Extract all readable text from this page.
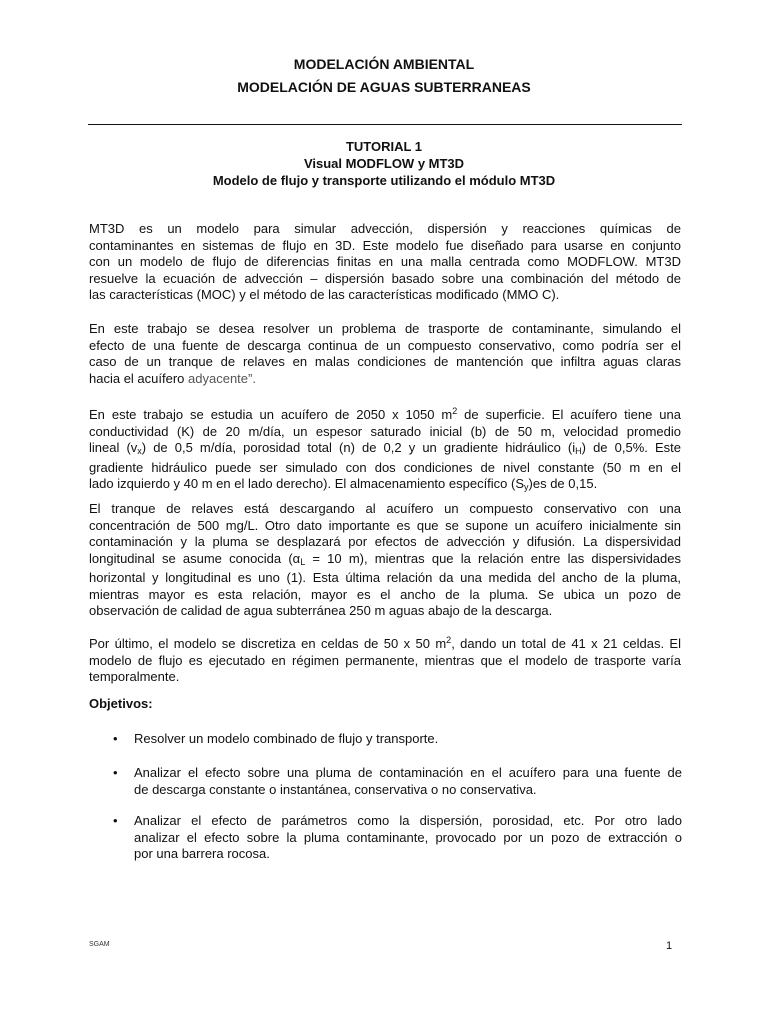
MODELACIÓN AMBIENTAL
MODELACIÓN DE AGUAS SUBTERRANEAS
TUTORIAL 1
Visual MODFLOW y MT3D
Modelo de flujo y transporte utilizando el módulo MT3D
MT3D es un modelo para simular advección, dispersión y reacciones químicas de
contaminantes en sistemas de flujo en 3D. Este modelo fue diseñado para usarse en conjunto
con un modelo de flujo de diferencias finitas en una malla centrada como MODFLOW. MT3D
resuelve la ecuación de advección – dispersión basado sobre una combinación del método de
las características (MOC) y el método de las características modificado (MMO C).
En este trabajo se desea resolver un problema de trasporte de contaminante, simulando el
efecto de una fuente de descarga continua de un compuesto conservativo, como podría ser el
caso de un tranque de relaves en malas condiciones de mantención que infiltra aguas claras
hacia el acuífero adyacente”.
En este trabajo se estudia un acuífero de 2050 x 1050 $m^2$ de superficie. El acuífero tiene una
conductividad (K) de 20 m/día, un espesor saturado inicial (b) de 50 m, velocidad promedio
lineal $(v_x)$ de 0,5 m/día, porosidad total (n) de 0,2 y un gradiente hidráulico $(i_H)$ de 0,5%. Este
gradiente hidráulico puede ser simulado con dos condiciones de nivel constante (50 m en el
lado izquierdo y 40 m en el lado derecho). El almacenamiento específico $(S_y)es$ de 0,15.
El tranque de relaves está descargando al acuífero un compuesto conservativo con una
concentración de 500 mg/L. Otro dato importante es que se supone un acuífero inicialmente sin
contaminación y la pluma se desplazará por efectos de advección y difusión. La dispersividad
longitudinal se asume conocida ($\alpha_L = 10$ m), mientras que la relación entre las dispersividades
horizontal y longitudinal es uno (1). Esta última relación da una medida del ancho de la pluma,
mientras mayor es esta relación, mayor es el ancho de la pluma. Se ubica un pozo de
observación de calidad de agua subterránea 250 m aguas abajo de la descarga.
Por último, el modelo se discretiza en celdas de 50 x 50 $m^2$, dando un total de 41 x 21 celdas. El
modelo de flujo es ejecutado en régimen permanente, mientras que el modelo de trasporte varía
temporalmente.
Objetivos:
• Resolver un modelo combinado de flujo y transporte.
• Analizar el efecto sobre una pluma de contaminación en el acuífero para una fuente de
de descarga constante o instantánea, conservativa o no conservativa.
• Analizar el efecto de parámetros como la dispersión, porosidad, etc. Por otro lado
analizar el efecto sobre la pluma contaminante, provocado por un pozo de extracción o
por una barrera rocosa.
SGAM	1
